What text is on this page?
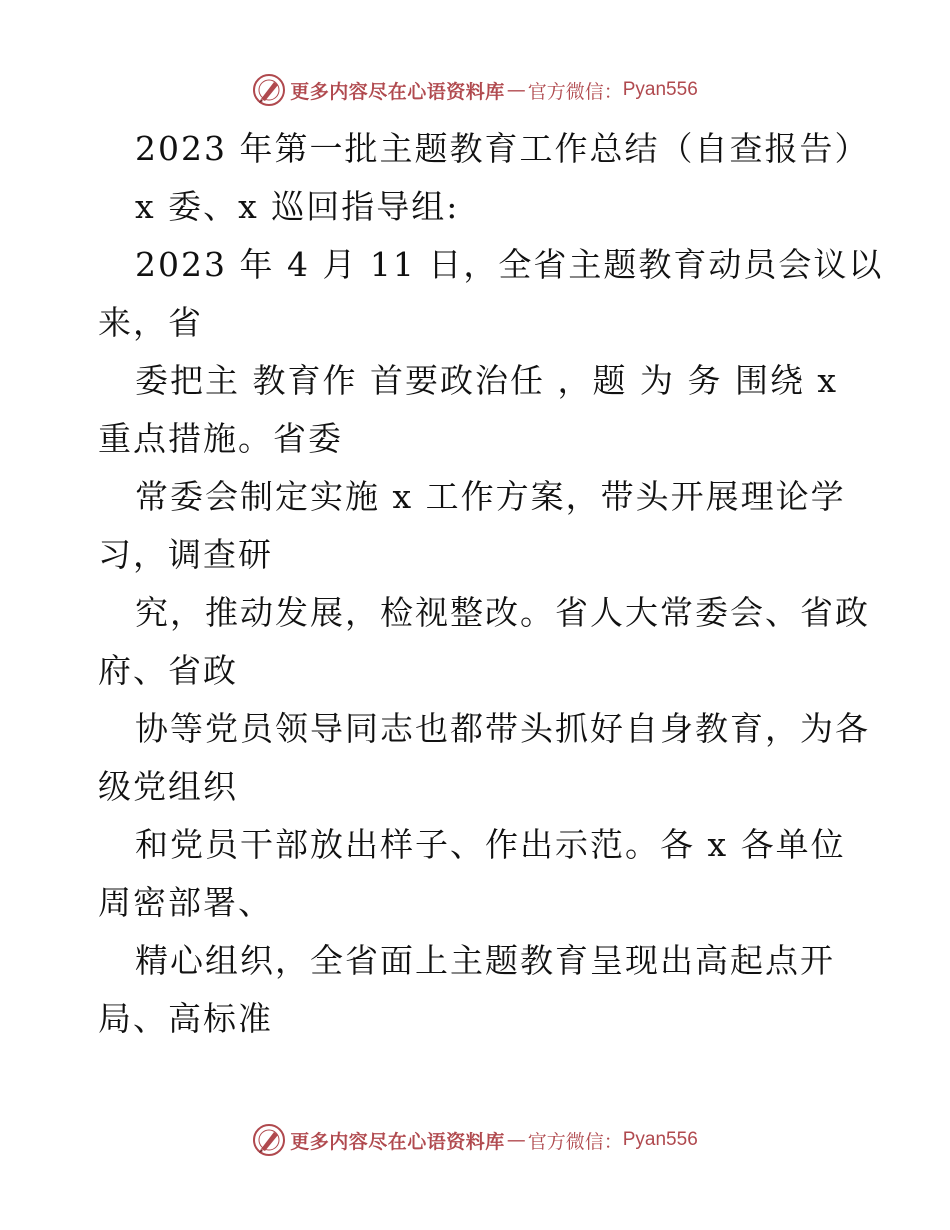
更多内容尽在心语资料库 — 官方微信： Pyan556
2023 年第一批主题教育工作总结（自查报告）
x 委、x 巡回指导组:
2023 年 4 月 11 日，全省主题教育动员会议以
来，省
委把主 教育作 首要政治任 ，题 为 务 围绕 x
重点措施。省委
常委会制定实施 x 工作方案，带头开展理论学
习，调查研
究，推动发展，检视整改。省人大常委会、省政
府、省政
协等党员领导同志也都带头抓好自身教育，为各
级党组织
和党员干部放出样子、作出示范。各 x 各单位
周密部署、
精心组织，全省面上主题教育呈现出高起点开
局、高标准
更多内容尽在心语资料库 — 官方微信： Pyan556
